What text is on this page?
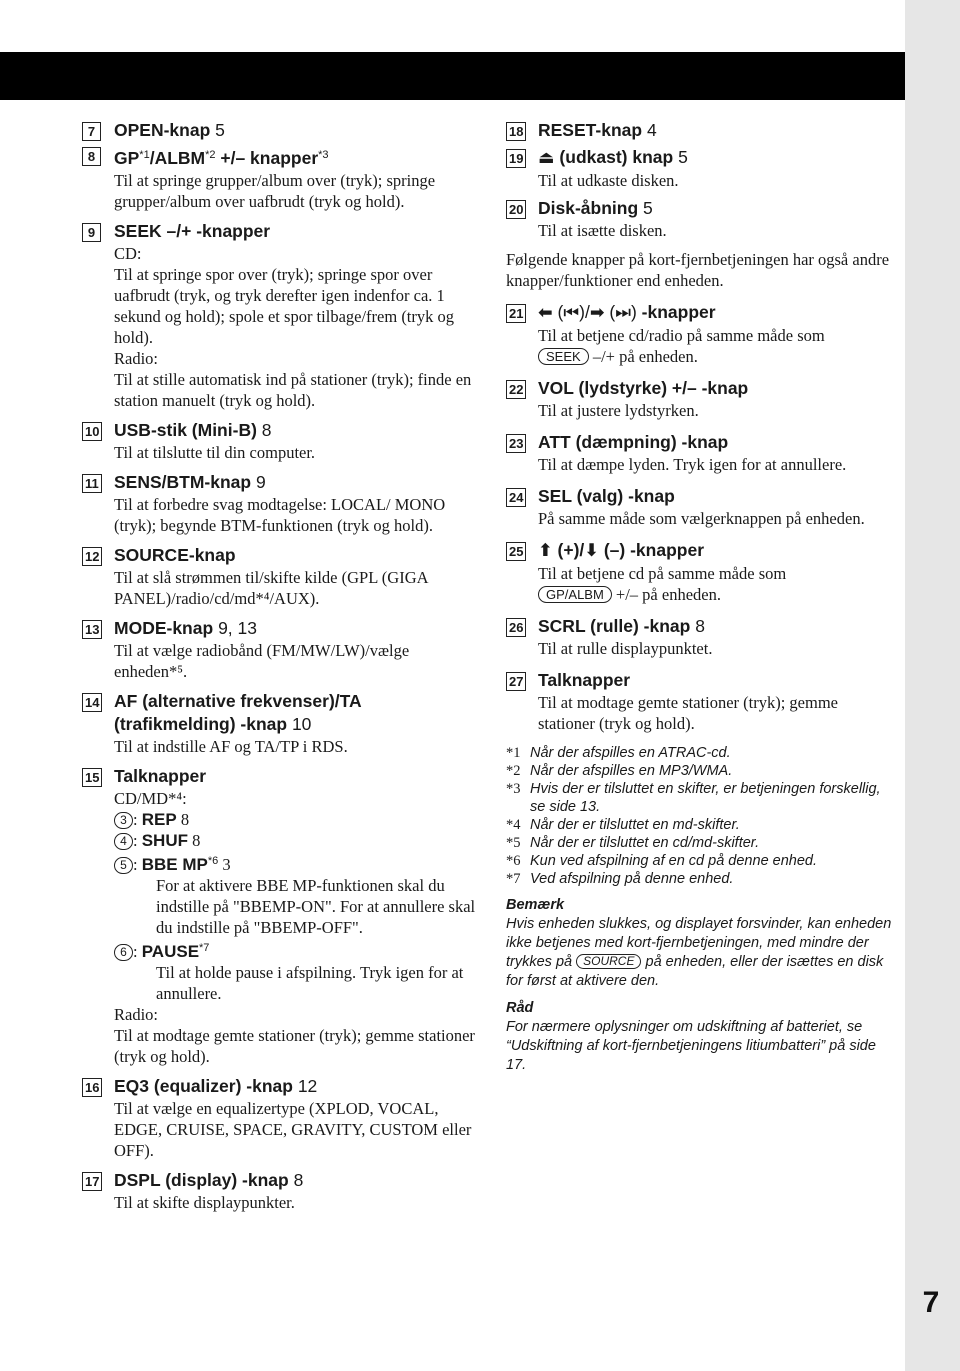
7
7	OPEN-knap 5
8	$GP^{*1}/ALBM^{*2}$ +/– knapper$^{*3}$
Til at springe grupper/album over (tryk); springe grupper/album over uafbrudt (tryk og hold).
9	SEEK –/+ -knapper
CD:
Til at springe spor over (tryk); springe spor over uafbrudt (tryk, og tryk derefter igen indenfor ca. 1 sekund og hold); spole et spor tilbage/frem (tryk og hold).
Radio:
Til at stille automatisk ind på stationer (tryk); finde en station manuelt (tryk og hold).
10 USB-stik (Mini-B) 8
Til at tilslutte til din computer.
11 SENS/BTM-knap 9
Til at forbedre svag modtagelse: LOCAL/ MONO (tryk); begynde BTM-funktionen (tryk og hold).
12 SOURCE-knap
Til at slå strømmen til/skifte kilde (GPL (GIGA PANEL)/radio/cd/md*⁴/AUX).
13 MODE-knap 9, 13
Til at vælge radiobånd (FM/MW/LW)/vælge enheden*⁵.
14 AF (alternative frekvenser)/TA (trafikmelding) -knap 10
Til at indstille AF og TA/TP i RDS.
15 Talknapper
CD/MD*⁴:
3 : REP 8
4 : SHUF 8
5 : BBE MP$^{*6}$ 3
For at aktivere BBE MP-funktionen skal du indstille på "BBEMP-ON". For at annullere skal du indstille på "BBEMP-OFF".
6 : PAUSE$^{*7}$
Til at holde pause i afspilning. Tryk igen for at annullere.
Radio:
Til at modtage gemte stationer (tryk); gemme stationer (tryk og hold).
16 EQ3 (equalizer) -knap 12
Til at vælge en equalizertype (XPLOD, VOCAL, EDGE, CRUISE, SPACE, GRAVITY, CUSTOM eller OFF).
17 DSPL (display) -knap 8
Til at skifte displaypunkter.
18 RESET-knap 4
19 ⏏ (udkast) knap 5
Til at udkaste disken.
20 Disk-åbning 5
Til at isætte disken.
Følgende knapper på kort-fjernbetjeningen har også andre knapper/funktioner end enheden.
21 ⬅ (⏮)/➡ (⏭) -knapper
Til at betjene cd/radio på samme måde som
SEEK –/+ på enheden.
22 VOL (lydstyrke) +/– -knap
Til at justere lydstyrken.
23 ATT (dæmpning) -knap
Til at dæmpe lyden. Tryk igen for at annullere.
24 SEL (valg) -knap
På samme måde som vælgerknappen på enheden.
25 ⬆ (+)/⬇ (–) -knapper
Til at betjene cd på samme måde som
GP/ALBM +/– på enheden.
26 SCRL (rulle) -knap 8
Til at rulle displaypunktet.
27 Talknapper
Til at modtage gemte stationer (tryk); gemme stationer (tryk og hold).
*1 Når der afspilles en ATRAC-cd.
*2 Når der afspilles en MP3/WMA.
*3 Hvis der er tilsluttet en skifter, er betjeningen forskellig, se side 13.
*4 Når der er tilsluttet en md-skifter.
*5 Når der er tilsluttet en cd/md-skifter.
*6 Kun ved afspilning af en cd på denne enhed.
*7 Ved afspilning på denne enhed.
Bemærk
Hvis enheden slukkes, og displayet forsvinder, kan enheden ikke betjenes med kort-fjernbetjeningen, med mindre der trykkes på SOURCE på enheden, eller der isættes en disk for først at aktivere den.
Råd
For nærmere oplysninger om udskiftning af batteriet, se “Udskiftning af kort-fjernbetjeningens litiumbatteri” på side 17.
